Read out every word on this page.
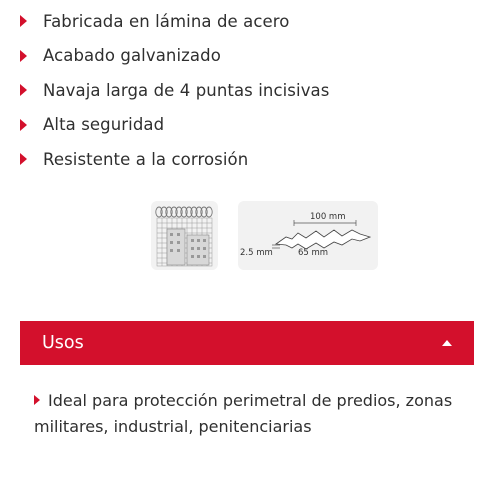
Fabricada en lámina de acero
Acabado galvanizado
Navaja larga de 4 puntas incisivas
Alta seguridad
Resistente a la corrosión
100 mm
2.5 mm	65 mm
Usos
Ideal para protección perimetral de predios, zonas militares, industrial, penitenciarias
